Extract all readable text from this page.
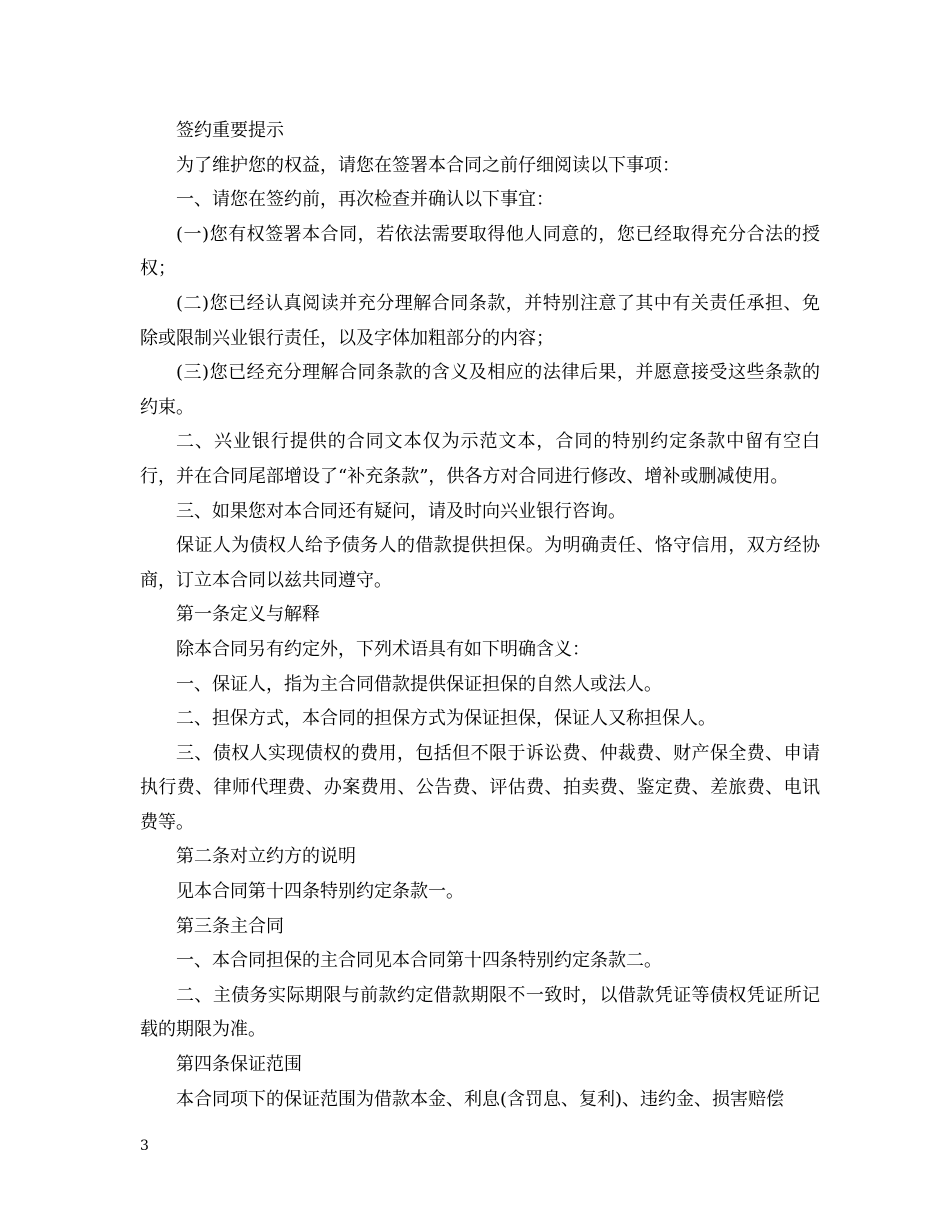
签约重要提示

为了维护您的权益，请您在签署本合同之前仔细阅读以下事项：

一、请您在签约前，再次检查并确认以下事宜：

(一)您有权签署本合同，若依法需要取得他人同意的，您已经取得充分合法的授权；

(二)您已经认真阅读并充分理解合同条款，并特别注意了其中有关责任承担、免除或限制兴业银行责任，以及字体加粗部分的内容；

(三)您已经充分理解合同条款的含义及相应的法律后果，并愿意接受这些条款的约束。

二、兴业银行提供的合同文本仅为示范文本，合同的特别约定条款中留有空白行，并在合同尾部增设了“补充条款”，供各方对合同进行修改、增补或删减使用。

三、如果您对本合同还有疑问，请及时向兴业银行咨询。

保证人为债权人给予债务人的借款提供担保。为明确责任、恪守信用，双方经协商，订立本合同以兹共同遵守。

第一条定义与解释

除本合同另有约定外，下列术语具有如下明确含义：

一、保证人，指为主合同借款提供保证担保的自然人或法人。

二、担保方式，本合同的担保方式为保证担保，保证人又称担保人。

三、债权人实现债权的费用，包括但不限于诉讼费、仲裁费、财产保全费、申请执行费、律师代理费、办案费用、公告费、评估费、拍卖费、鉴定费、差旅费、电讯费等。

第二条对立约方的说明

见本合同第十四条特别约定条款一。

第三条主合同

一、本合同担保的主合同见本合同第十四条特别约定条款二。

二、主债务实际期限与前款约定借款期限不一致时，以借款凭证等债权凭证所记载的期限为准。

第四条保证范围

本合同项下的保证范围为借款本金、利息(含罚息、复利)、违约金、损害赔偿

3
